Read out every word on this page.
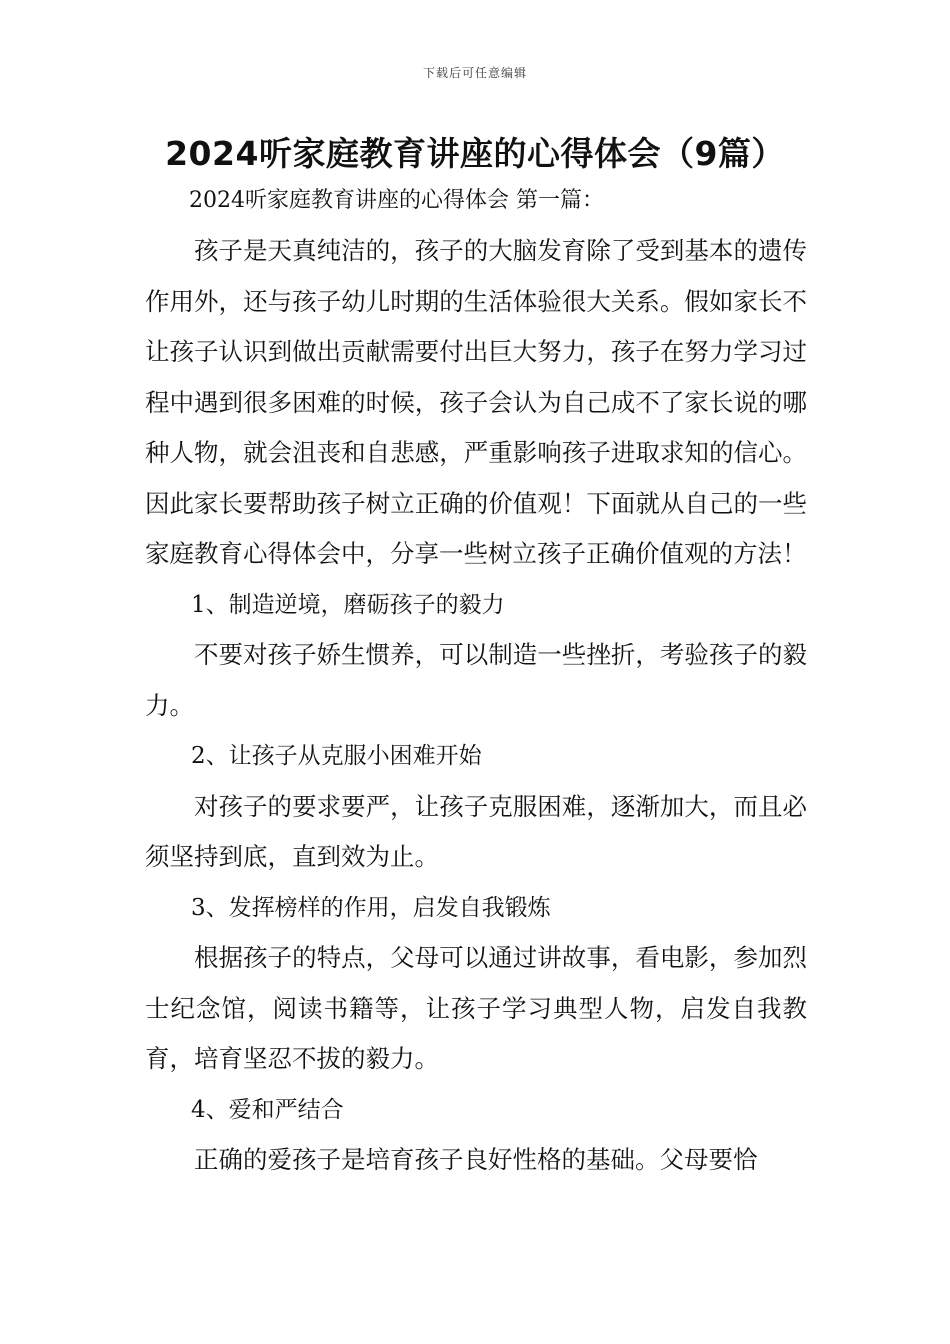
下载后可任意编辑
2024听家庭教育讲座的心得体会（9篇）

2024听家庭教育讲座的心得体会 第一篇：

孩子是天真纯洁的，孩子的大脑发育除了受到基本的遗传作用外，还与孩子幼儿时期的生活体验很大关系。假如家长不让孩子认识到做出贡献需要付出巨大努力，孩子在努力学习过程中遇到很多困难的时候，孩子会认为自己成不了家长说的哪种人物，就会沮丧和自悲感，严重影响孩子进取求知的信心。因此家长要帮助孩子树立正确的价值观！下面就从自己的一些家庭教育心得体会中，分享一些树立孩子正确价值观的方法！

1、制造逆境，磨砺孩子的毅力

不要对孩子娇生惯养，可以制造一些挫折，考验孩子的毅力。

2、让孩子从克服小困难开始

对孩子的要求要严，让孩子克服困难，逐渐加大，而且必须坚持到底，直到效为止。

3、发挥榜样的作用，启发自我锻炼

根据孩子的特点，父母可以通过讲故事，看电影，参加烈士纪念馆，阅读书籍等，让孩子学习典型人物，启发自我教育，培育坚忍不拔的毅力。

4、爱和严结合

正确的爱孩子是培育孩子良好性格的基础。父母要恰
